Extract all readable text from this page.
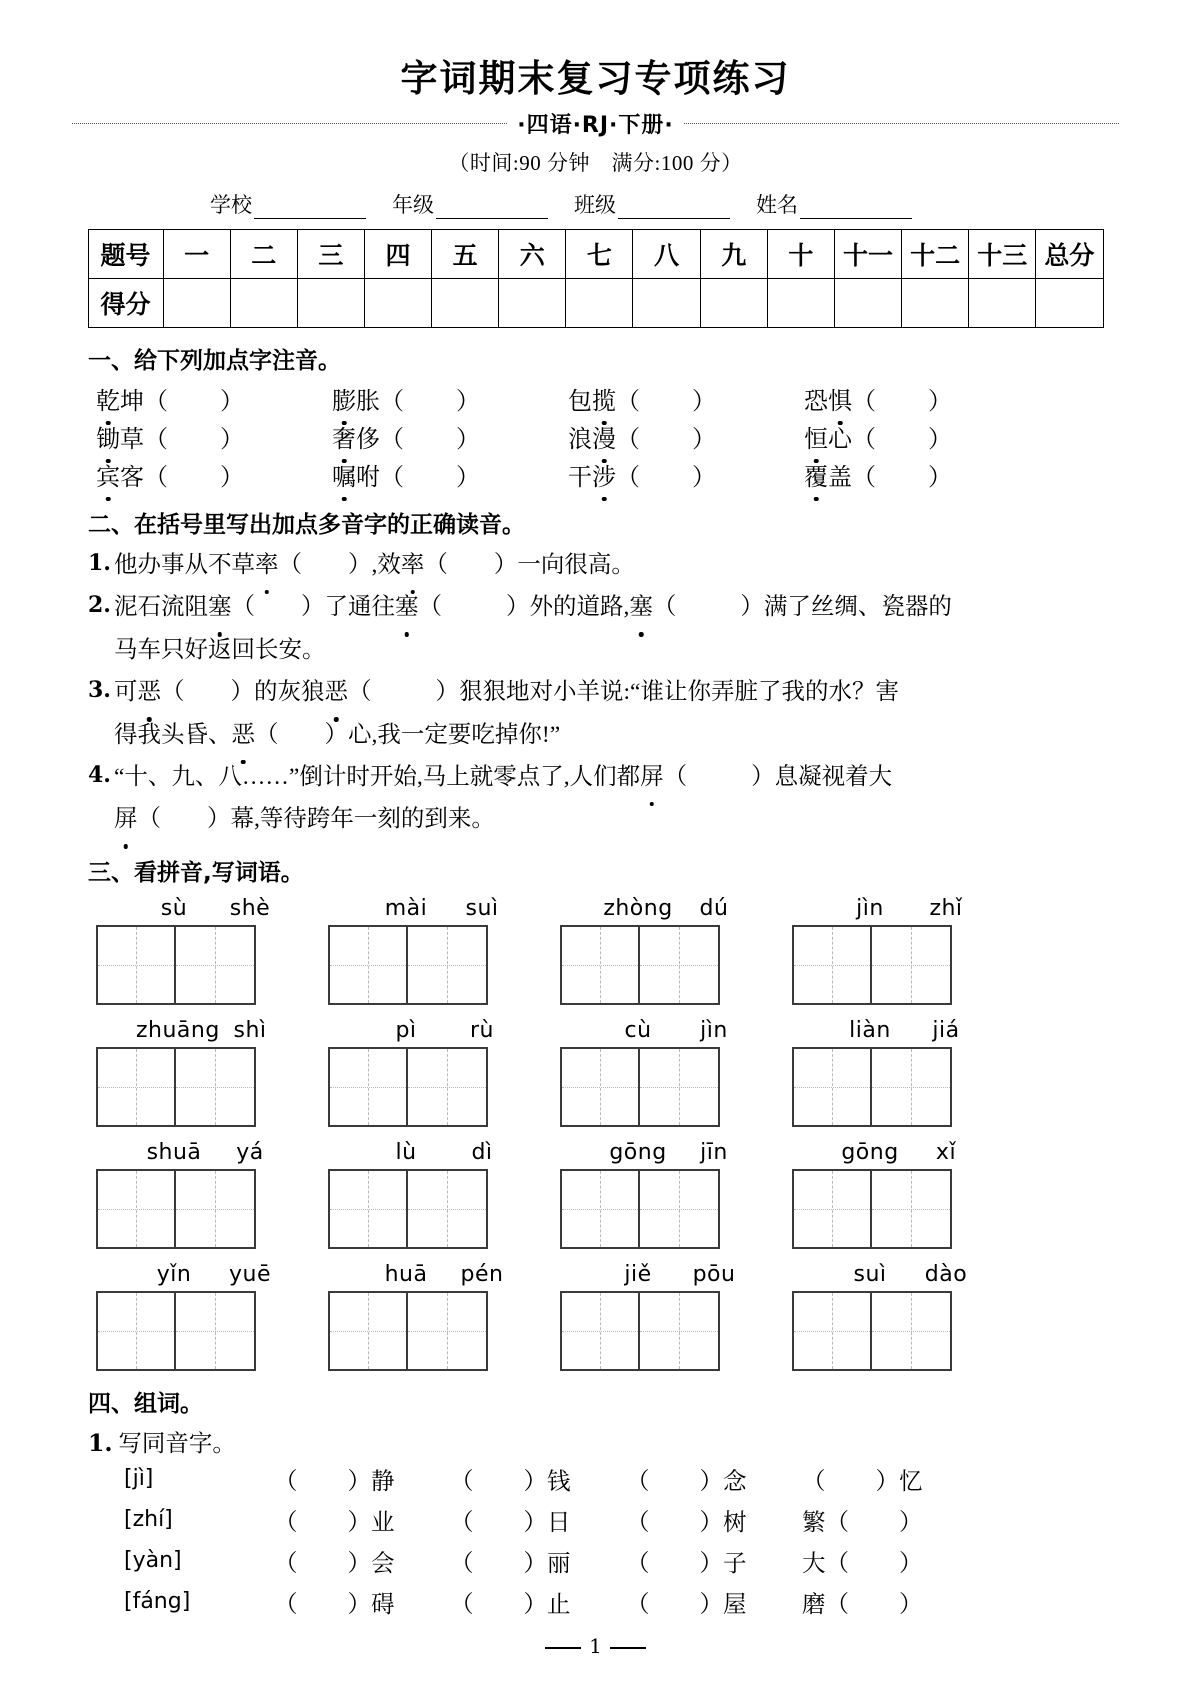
字词期末复习专项练习
·四语·RJ·下册·
（时间:90 分钟　满分:100 分）
学校	年级	班级	姓名
题号	一	二	三	四	五	六	七	八	九	十	十一	十二	十三	总分
得分														
一、给下列加点字注音。
乾坤 （ ）	膨胀 （ ）	包揽 （ ）	恐惧 （ ）
锄草 （ ）	奢侈 （ ）	浪漫 （ ）	恒心 （ ）
宾客 （ ）	嘱咐 （ ）	干涉 （ ）	覆盖 （ ）
二、在括号里写出加点多音字的正确读音。
1. 他办事从不草率（ ）,效率（ ）一向很高。
2. 泥石流阻塞（ ）了通往塞（	）外的道路,塞（	）满了丝绸、瓷器的
马车只好返回长安。
3. 可恶（ ）的灰狼恶（	）狠狠地对小羊说:“谁让你弄脏了我的水？害
得我头昏、恶（ ）心,我一定要吃掉你!”
4. “十、九、八……”倒计时开始,马上就零点了,人们都屏（	）息凝视着大
屏（ ）幕,等待跨年一刻的到来。
三、看拼音,写词语。
sù	shè	mài	suì	zhòng	dú	jìn	zhǐ
zhuāng shì	pì	rù	cù	jìn	liàn	jiá
shuā	yá	lù	dì	gōng	jīn	gōng	xǐ
yǐn	yuē	huā	pén	jiě	pōu	suì	dào
四、组词。
1. 写同音字。
[jì]	（ ）静	（ ）钱	（ ）念	（ ）忆
[zhí]	（ ）业	（ ）日	（ ）树	繁（ ）
[yàn]	（ ）会	（ ）丽	（ ）子	大（ ）
[fáng]	（ ）碍	（ ）止	（ ）屋	磨（ ）
1
